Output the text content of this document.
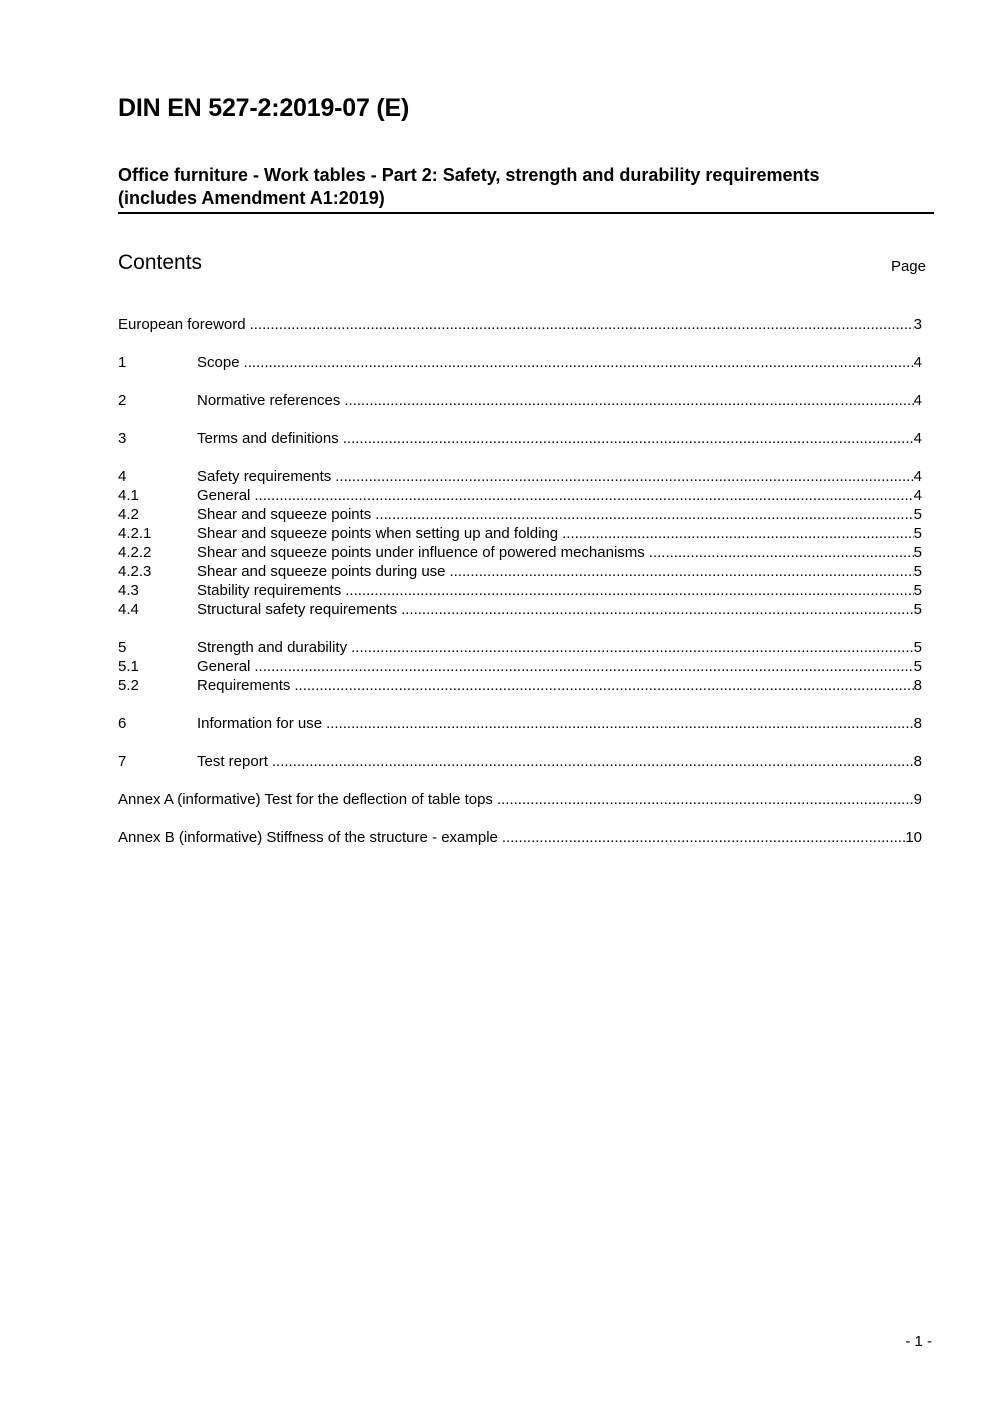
DIN EN 527-2:2019-07 (E)
Office furniture - Work tables - Part 2: Safety, strength and durability requirements
(includes Amendment A1:2019)
Contents	Page
European foreword .....	3
1	Scope .....	4
2	Normative references .....	4
3	Terms and definitions .....	4
4	Safety requirements .....	4
4.1	General .....	4
4.2	Shear and squeeze points .....	5
4.2.1	Shear and squeeze points when setting up and folding .....	5
4.2.2	Shear and squeeze points under influence of powered mechanisms .....	5
4.2.3	Shear and squeeze points during use .....	5
4.3	Stability requirements .....	5
4.4	Structural safety requirements .....	5
5	Strength and durability .....	5
5.1	General .....	5
5.2	Requirements .....	8
6	Information for use .....	8
7	Test report .....	8
Annex A (informative) Test for the deflection of table tops .....	9
Annex B (informative) Stiffness of the structure - example .....	10
- 1 -
